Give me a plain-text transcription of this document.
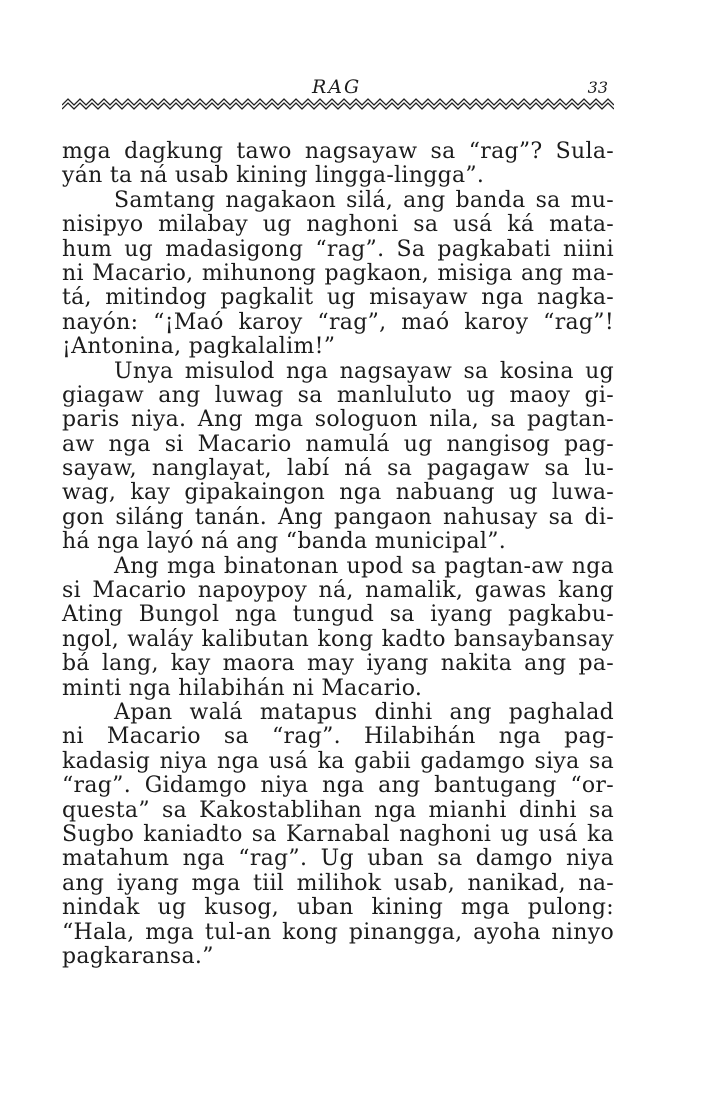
RAG	33
mga dagkung tawo nagsayaw sa “rag”? Sula-
yán ta ná usab kining lingga-lingga”.
Samtang nagakaon silá, ang banda sa mu-
nisipyo milabay ug naghoni sa usá ká mata-
hum ug madasigong “rag”. Sa pagkabati niini
ni Macario, mihunong pagkaon, misiga ang ma-
tá, mitindog pagkalit ug misayaw nga nagka-
nayón: “¡Maó karoy “rag”, maó karoy “rag”!
¡Antonina, pagkalalim!”
Unya misulod nga nagsayaw sa kosina ug
giagaw ang luwag sa manluluto ug maoy gi-
paris niya. Ang mga sologuon nila, sa pagtan-
aw nga si Macario namulá ug nangisog pag-
sayaw, nanglayat, labí ná sa pagagaw sa lu-
wag, kay gipakaingon nga nabuang ug luwa-
gon siláng tanán. Ang pangaon nahusay sa di-
há nga layó ná ang “banda municipal”.
Ang mga binatonan upod sa pagtan-aw nga
si Macario napoypoy ná, namalik, gawas kang
Ating Bungol nga tungud sa iyang pagkabu-
ngol, waláy kalibutan kong kadto bansaybansay
bá lang, kay maora may iyang nakita ang pa-
minti nga hilabihán ni Macario.
Apan walá matapus dinhi ang paghalad
ni Macario sa “rag”. Hilabihán nga pag-
kadasig niya nga usá ka gabii gadamgo siya sa
“rag”. Gidamgo niya nga ang bantugang “or-
questa” sa Kakostablihan nga mianhi dinhi sa
Sugbo kaniadto sa Karnabal naghoni ug usá ka
matahum nga “rag”. Ug uban sa damgo niya
ang iyang mga tiil milihok usab, nanikad, na-
nindak ug kusog, uban kining mga pulong:
“Hala, mga tul-an kong pinangga, ayoha ninyo
pagkaransa.”
